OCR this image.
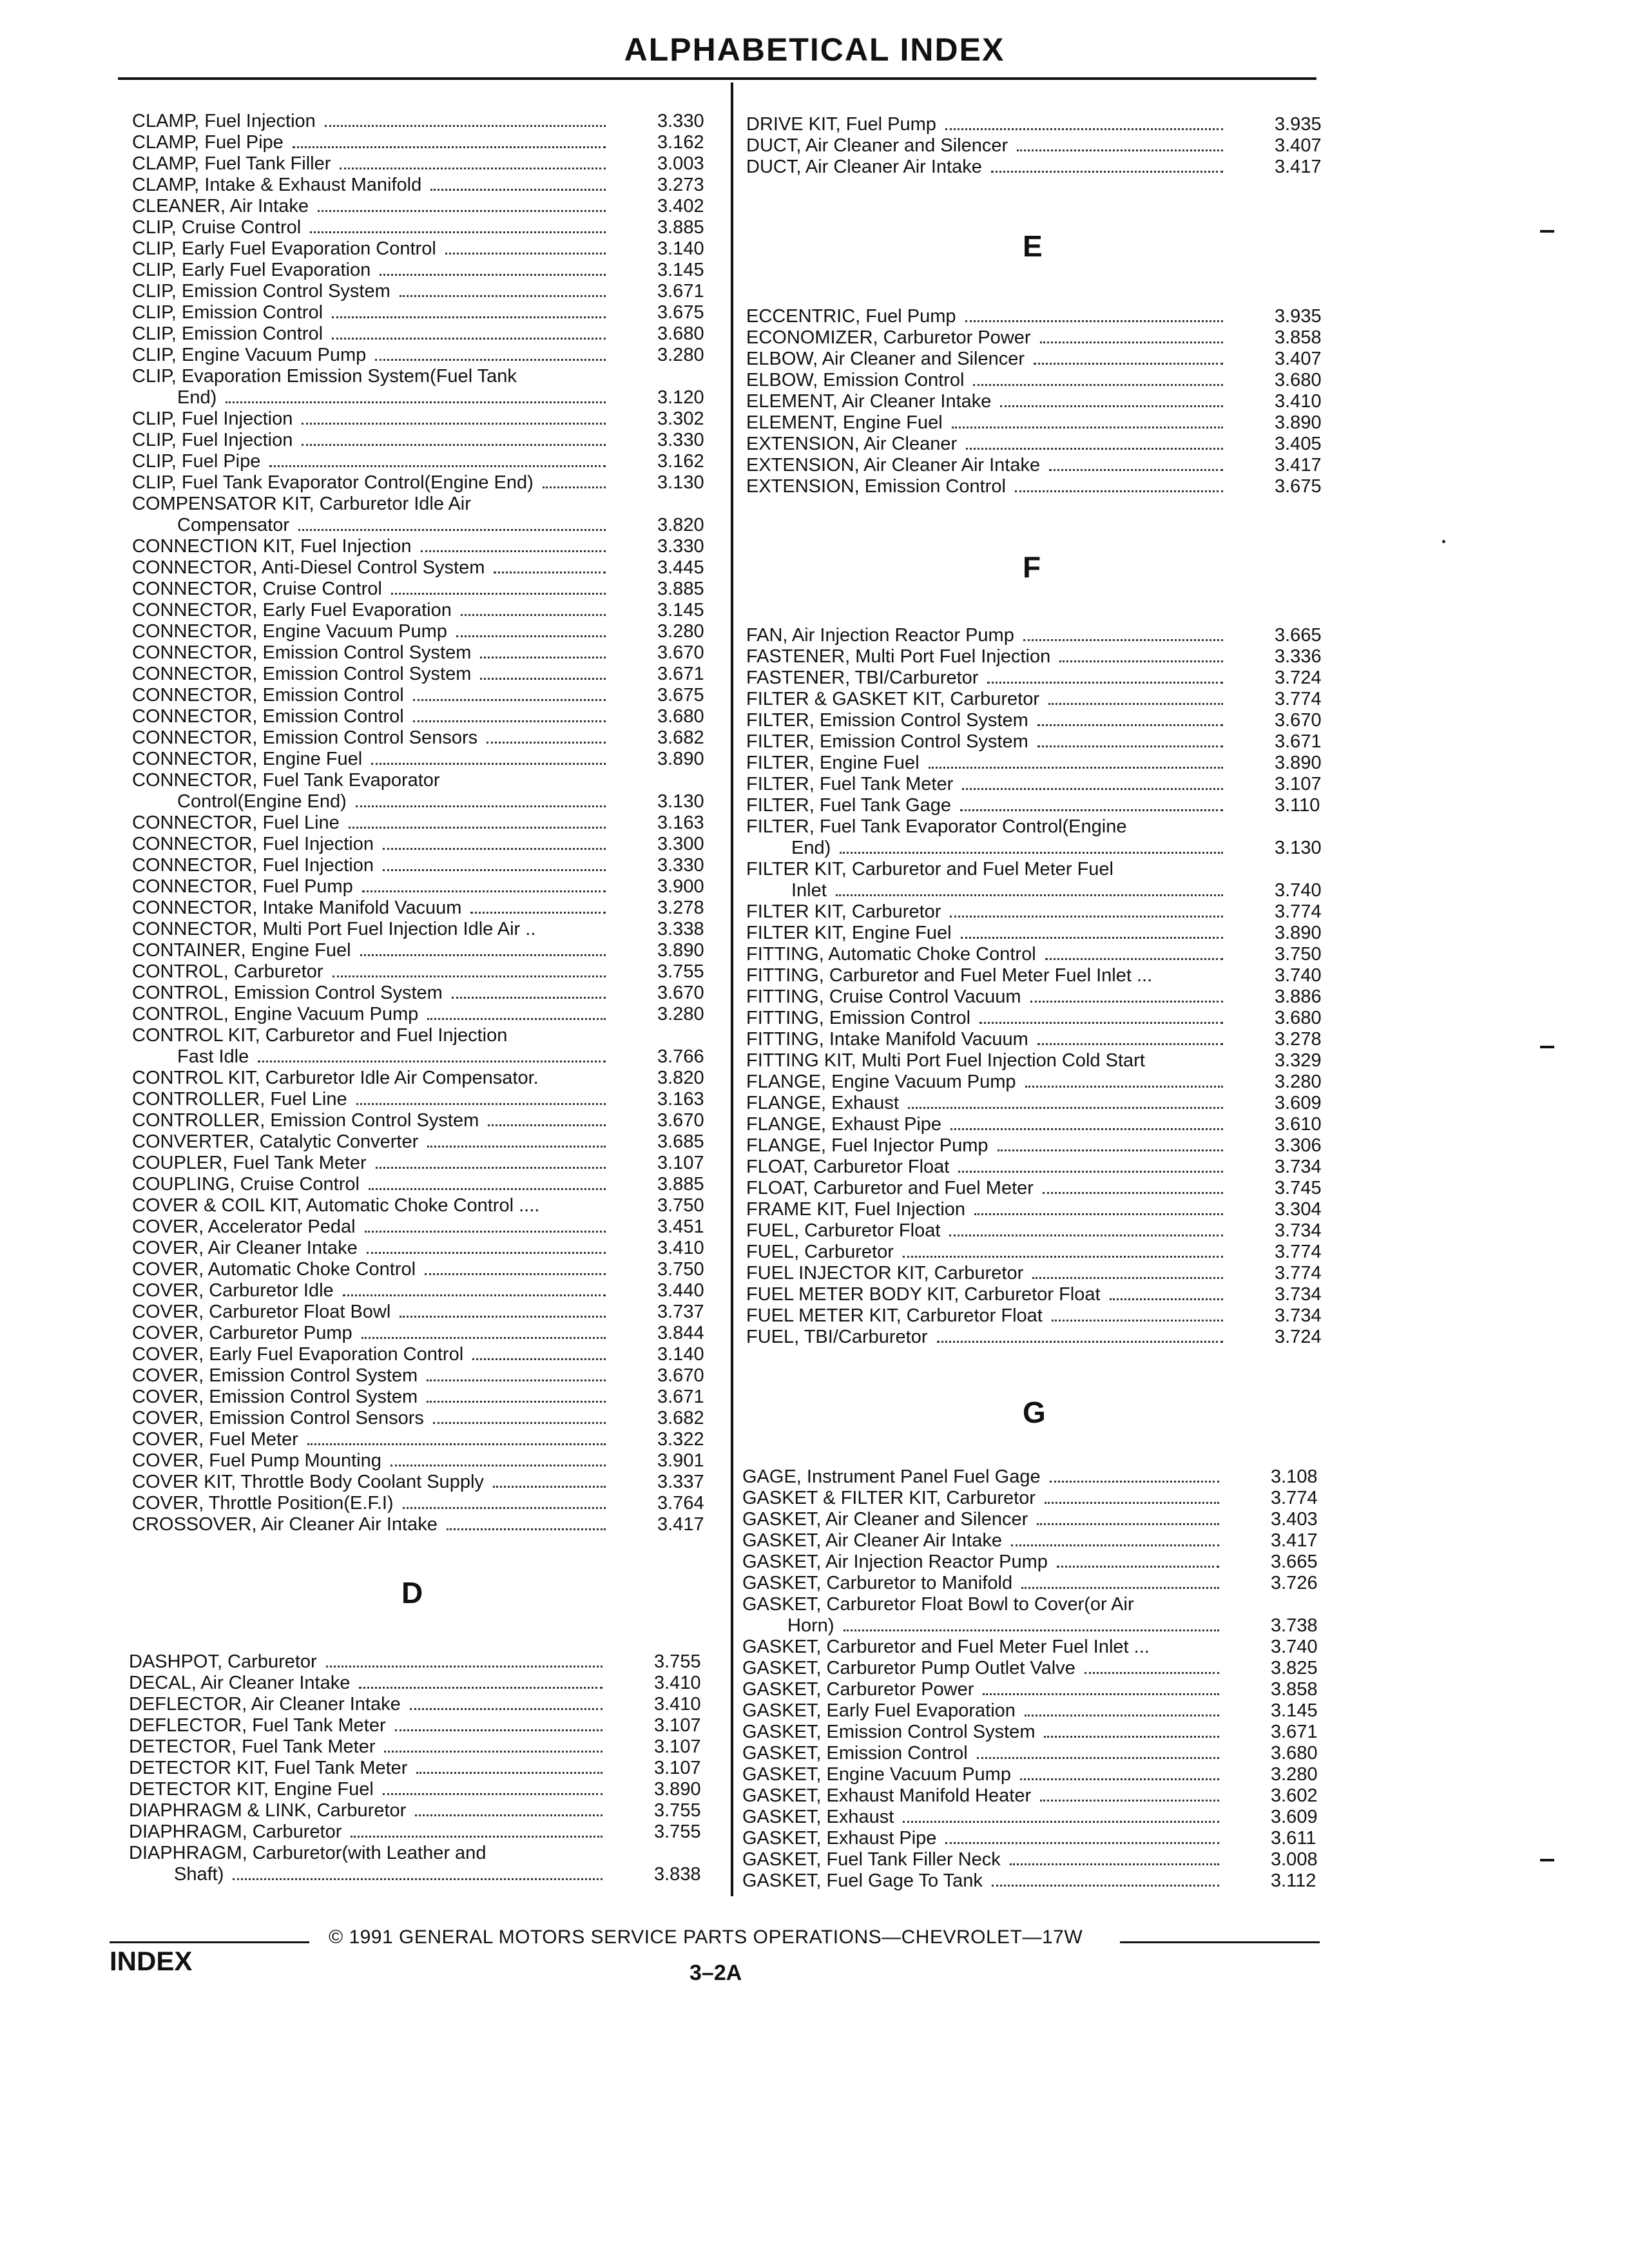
ALPHABETICAL INDEX
CLAMP, Fuel Injection	3.330
CLAMP, Fuel Pipe	3.162
CLAMP, Fuel Tank Filler	3.003
CLAMP, Intake & Exhaust Manifold	3.273
CLEANER, Air Intake	3.402
CLIP, Cruise Control	3.885
CLIP, Early Fuel Evaporation Control	3.140
CLIP, Early Fuel Evaporation	3.145
CLIP, Emission Control System	3.671
CLIP, Emission Control	3.675
CLIP, Emission Control	3.680
CLIP, Engine Vacuum Pump	3.280
CLIP, Evaporation Emission System(Fuel Tank
End)	3.120
CLIP, Fuel Injection	3.302
CLIP, Fuel Injection	3.330
CLIP, Fuel Pipe	3.162
CLIP, Fuel Tank Evaporator Control(Engine End)	3.130
COMPENSATOR KIT, Carburetor Idle Air
Compensator	3.820
CONNECTION KIT, Fuel Injection	3.330
CONNECTOR, Anti-Diesel Control System	3.445
CONNECTOR, Cruise Control	3.885
CONNECTOR, Early Fuel Evaporation	3.145
CONNECTOR, Engine Vacuum Pump	3.280
CONNECTOR, Emission Control System	3.670
CONNECTOR, Emission Control System	3.671
CONNECTOR, Emission Control	3.675
CONNECTOR, Emission Control	3.680
CONNECTOR, Emission Control Sensors	3.682
CONNECTOR, Engine Fuel	3.890
CONNECTOR, Fuel Tank Evaporator
Control(Engine End)	3.130
CONNECTOR, Fuel Line	3.163
CONNECTOR, Fuel Injection	3.300
CONNECTOR, Fuel Injection	3.330
CONNECTOR, Fuel Pump	3.900
CONNECTOR, Intake Manifold Vacuum	3.278
CONNECTOR, Multi Port Fuel Injection Idle Air ..	3.338
CONTAINER, Engine Fuel	3.890
CONTROL, Carburetor	3.755
CONTROL, Emission Control System	3.670
CONTROL, Engine Vacuum Pump	3.280
CONTROL KIT, Carburetor and Fuel Injection
Fast Idle	3.766
CONTROL KIT, Carburetor Idle Air Compensator.	3.820
CONTROLLER, Fuel Line	3.163
CONTROLLER, Emission Control System	3.670
CONVERTER, Catalytic Converter	3.685
COUPLER, Fuel Tank Meter	3.107
COUPLING, Cruise Control	3.885
COVER & COIL KIT, Automatic Choke Control ....	3.750
COVER, Accelerator Pedal	3.451
COVER, Air Cleaner Intake	3.410
COVER, Automatic Choke Control	3.750
COVER, Carburetor Idle	3.440
COVER, Carburetor Float Bowl	3.737
COVER, Carburetor Pump	3.844
COVER, Early Fuel Evaporation Control	3.140
COVER, Emission Control System	3.670
COVER, Emission Control System	3.671
COVER, Emission Control Sensors	3.682
COVER, Fuel Meter	3.322
COVER, Fuel Pump Mounting	3.901
COVER KIT, Throttle Body Coolant Supply	3.337
COVER, Throttle Position(E.F.I)	3.764
CROSSOVER, Air Cleaner Air Intake	3.417
DASHPOT, Carburetor	3.755
DECAL, Air Cleaner Intake	3.410
DEFLECTOR, Air Cleaner Intake	3.410
DEFLECTOR, Fuel Tank Meter	3.107
DETECTOR, Fuel Tank Meter	3.107
DETECTOR KIT, Fuel Tank Meter	3.107
DETECTOR KIT, Engine Fuel	3.890
DIAPHRAGM & LINK, Carburetor	3.755
DIAPHRAGM, Carburetor	3.755
DIAPHRAGM, Carburetor(with Leather and
Shaft)	3.838
DRIVE KIT, Fuel Pump	3.935
DUCT, Air Cleaner and Silencer	3.407
DUCT, Air Cleaner Air Intake	3.417
ECCENTRIC, Fuel Pump	3.935
ECONOMIZER, Carburetor Power	3.858
ELBOW, Air Cleaner and Silencer	3.407
ELBOW, Emission Control	3.680
ELEMENT, Air Cleaner Intake	3.410
ELEMENT, Engine Fuel	3.890
EXTENSION, Air Cleaner	3.405
EXTENSION, Air Cleaner Air Intake	3.417
EXTENSION, Emission Control	3.675
FAN, Air Injection Reactor Pump	3.665
FASTENER, Multi Port Fuel Injection	3.336
FASTENER, TBI/Carburetor	3.724
FILTER & GASKET KIT, Carburetor	3.774
FILTER, Emission Control System	3.670
FILTER, Emission Control System	3.671
FILTER, Engine Fuel	3.890
FILTER, Fuel Tank Meter	3.107
FILTER, Fuel Tank Gage	3.110
FILTER, Fuel Tank Evaporator Control(Engine
End)	3.130
FILTER KIT, Carburetor and Fuel Meter Fuel
Inlet	3.740
FILTER KIT, Carburetor	3.774
FILTER KIT, Engine Fuel	3.890
FITTING, Automatic Choke Control	3.750
FITTING, Carburetor and Fuel Meter Fuel Inlet ...	3.740
FITTING, Cruise Control Vacuum	3.886
FITTING, Emission Control	3.680
FITTING, Intake Manifold Vacuum	3.278
FITTING KIT, Multi Port Fuel Injection Cold Start	3.329
FLANGE, Engine Vacuum Pump	3.280
FLANGE, Exhaust	3.609
FLANGE, Exhaust Pipe	3.610
FLANGE, Fuel Injector Pump	3.306
FLOAT, Carburetor Float	3.734
FLOAT, Carburetor and Fuel Meter	3.745
FRAME KIT, Fuel Injection	3.304
FUEL, Carburetor Float	3.734
FUEL, Carburetor	3.774
FUEL INJECTOR KIT, Carburetor	3.774
FUEL METER BODY KIT, Carburetor Float	3.734
FUEL METER KIT, Carburetor Float	3.734
FUEL, TBI/Carburetor	3.724
GAGE, Instrument Panel Fuel Gage	3.108
GASKET & FILTER KIT, Carburetor	3.774
GASKET, Air Cleaner and Silencer	3.403
GASKET, Air Cleaner Air Intake	3.417
GASKET, Air Injection Reactor Pump	3.665
GASKET, Carburetor to Manifold	3.726
GASKET, Carburetor Float Bowl to Cover(or Air
Horn)	3.738
GASKET, Carburetor and Fuel Meter Fuel Inlet ...	3.740
GASKET, Carburetor Pump Outlet Valve	3.825
GASKET, Carburetor Power	3.858
GASKET, Early Fuel Evaporation	3.145
GASKET, Emission Control System	3.671
GASKET, Emission Control	3.680
GASKET, Engine Vacuum Pump	3.280
GASKET, Exhaust Manifold Heater	3.602
GASKET, Exhaust	3.609
GASKET, Exhaust Pipe	3.611
GASKET, Fuel Tank Filler Neck	3.008
GASKET, Fuel Gage To Tank	3.112
D
E
F
G
© 1991 GENERAL MOTORS SERVICE PARTS OPERATIONS—CHEVROLET—17W
INDEX	3–2A
